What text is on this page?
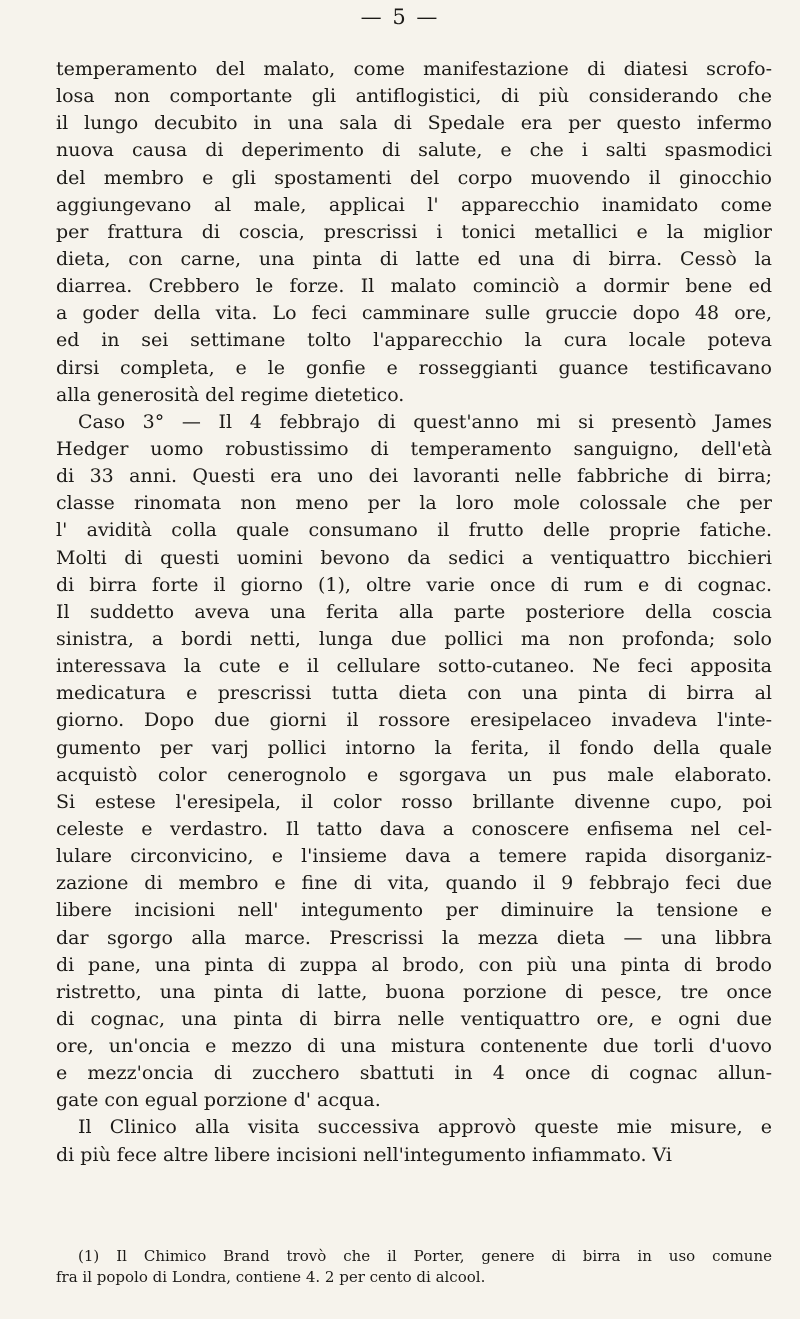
— 5 —
temperamento del malato, come manifestazione di diatesi scrofo-
losa non comportante gli antiflogistici, di più considerando che
il lungo decubito in una sala di Spedale era per questo infermo
nuova causa di deperimento di salute, e che i salti spasmodici
del membro e gli spostamenti del corpo muovendo il ginocchio
aggiungevano al male, applicai l' apparecchio inamidato come
per frattura di coscia, prescrissi i tonici metallici e la miglior
dieta, con carne, una pinta di latte ed una di birra. Cessò la
diarrea. Crebbero le forze. Il malato cominciò a dormir bene ed
a goder della vita. Lo feci camminare sulle gruccie dopo 48 ore,
ed in sei settimane tolto l'apparecchio la cura locale poteva
dirsi completa, e le gonfie e rosseggianti guance testificavano
alla generosità del regime dietetico.
Caso 3° — Il 4 febbrajo di quest'anno mi si presentò James
Hedger uomo robustissimo di temperamento sanguigno, dell'età
di 33 anni. Questi era uno dei lavoranti nelle fabbriche di birra;
classe rinomata non meno per la loro mole colossale che per
l' avidità colla quale consumano il frutto delle proprie fatiche.
Molti di questi uomini bevono da sedici a ventiquattro bicchieri
di birra forte il giorno (1), oltre varie once di rum e di cognac.
Il suddetto aveva una ferita alla parte posteriore della coscia
sinistra, a bordi netti, lunga due pollici ma non profonda; solo
interessava la cute e il cellulare sotto-cutaneo. Ne feci apposita
medicatura e prescrissi tutta dieta con una pinta di birra al
giorno. Dopo due giorni il rossore eresipelaceo invadeva l'inte-
gumento per varj pollici intorno la ferita, il fondo della quale
acquistò color cenerognolo e sgorgava un pus male elaborato.
Si estese l'eresipela, il color rosso brillante divenne cupo, poi
celeste e verdastro. Il tatto dava a conoscere enfisema nel cel-
lulare circonvicino, e l'insieme dava a temere rapida disorganiz-
zazione di membro e fine di vita, quando il 9 febbrajo feci due
libere incisioni nell' integumento per diminuire la tensione e
dar sgorgo alla marce. Prescrissi la mezza dieta — una libbra
di pane, una pinta di zuppa al brodo, con più una pinta di brodo
ristretto, una pinta di latte, buona porzione di pesce, tre once
di cognac, una pinta di birra nelle ventiquattro ore, e ogni due
ore, un'oncia e mezzo di una mistura contenente due torli d'uovo
e mezz'oncia di zucchero sbattuti in 4 once di cognac allun-
gate con egual porzione d' acqua.
Il Clinico alla visita successiva approvò queste mie misure, e
di più fece altre libere incisioni nell'integumento infiammato. Vi
(1) Il Chimico Brand trovò che il Porter, genere di birra in uso comune
fra il popolo di Londra, contiene 4. 2 per cento di alcool.
